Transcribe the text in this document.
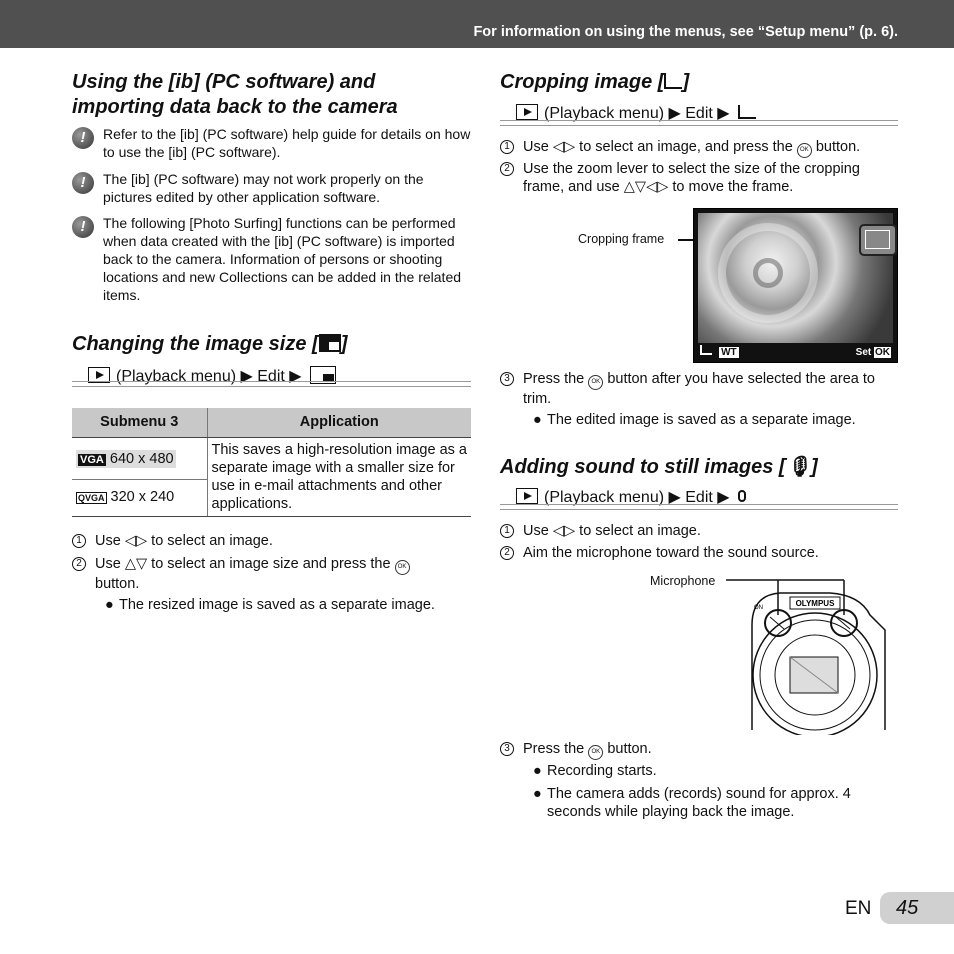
For information on using the menus, see “Setup menu” (p. 6).
Using the [ib] (PC software) and
importing data back to the camera
!	Refer to the [ib] (PC software) help guide for details on how to use the [ib] (PC software).

!	The [ib] (PC software) may not work properly on the pictures edited by other application software.

!	The following [Photo Surfing] functions can be performed when data created with the [ib] (PC software) is imported back to the camera. Information of persons or shooting locations and new Collections can be added in the related items.

Changing the image size [ ]
(Playback menu) ▶ Edit ▶
Submenu 3	Application
VGA 640 x 480	This saves a high-resolution image as a separate image with a smaller size for use in e-mail attachments and other applications.
QVGA 320 x 240	
1 Use ◁▷ to select an image.

2 Use △▽ to select an image size and press the OK
button.

● The resized image is saved as a separate image.

Cropping image [ ]
(Playback menu) ▶ Edit ▶
1 Use ◁▷ to select an image, and press the OK button.

2 Use the zoom lever to select the size of the cropping frame, and use △▽◁▷ to move the frame.

Cropping frame
WT	Set OK
3 Press the OK button after you have selected the area to trim.

● The edited image is saved as a separate image.

Adding sound to still images [🎙]
(Playback menu) ▶ Edit ▶
1 Use ◁▷ to select an image.

2 Aim the microphone toward the sound source.

Microphone
OLYMPUS
ON
3 Press the OK button.

● Recording starts.

● The camera adds (records) sound for approx. 4 seconds while playing back the image.

EN	45
